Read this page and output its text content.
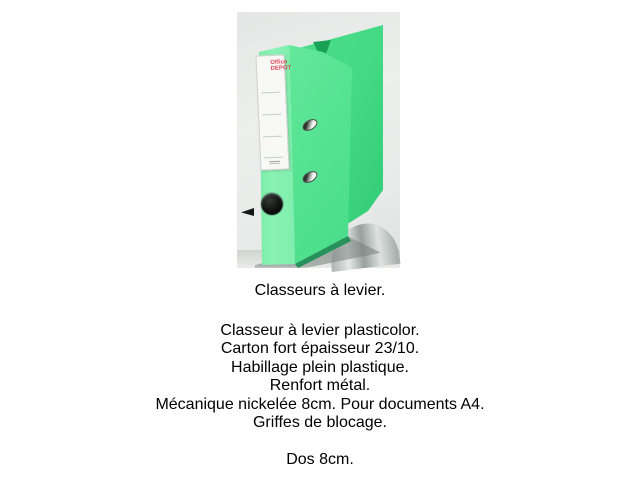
Office

DEPOT
Classeurs à levier.
Classeur à levier plasticolor.
Carton fort épaisseur 23/10.
Habillage plein plastique.
Renfort métal.
Mécanique nickelée 8cm. Pour documents A4.
Griffes de blocage.
Dos 8cm.
